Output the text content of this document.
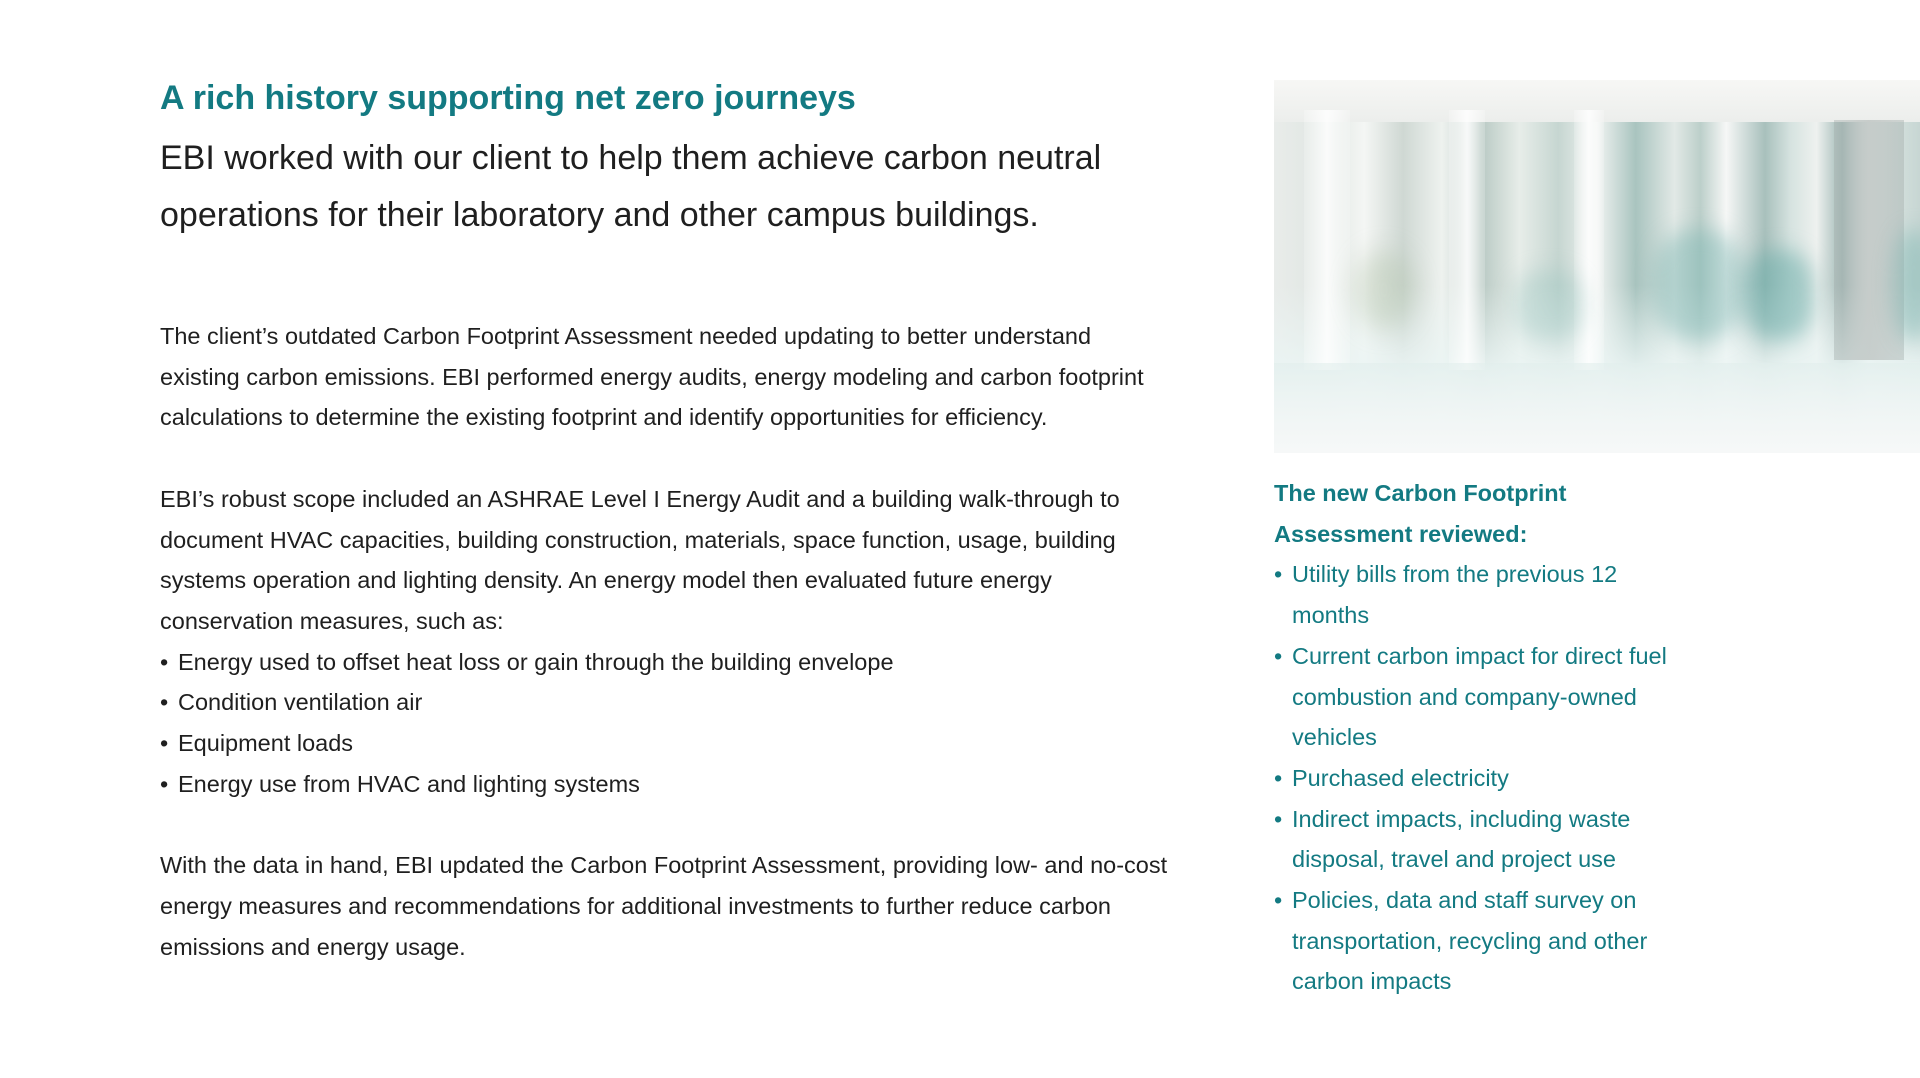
A rich history supporting net zero journeys

EBI worked with our client to help them achieve carbon neutral operations for their laboratory and other campus buildings.

The client’s outdated Carbon Footprint Assessment needed updating to better understand existing carbon emissions. EBI performed energy audits, energy modeling and carbon footprint calculations to determine the existing footprint and identify opportunities for efficiency.

EBI’s robust scope included an ASHRAE Level I Energy Audit and a building walk-through to document HVAC capacities, building construction, materials, space function, usage, building systems operation and lighting density. An energy model then evaluated future energy conservation measures, such as:

• Energy used to offset heat loss or gain through the building envelope
• Condition ventilation air
• Equipment loads
• Energy use from HVAC and lighting systems

With the data in hand, EBI updated the Carbon Footprint Assessment, providing low- and no-cost energy measures and recommendations for additional investments to further reduce carbon emissions and energy usage.

The new Carbon Footprint Assessment reviewed:

• Utility bills from the previous 12 months
• Current carbon impact for direct fuel combustion and company-owned vehicles
• Purchased electricity
• Indirect impacts, including waste disposal, travel and project use
• Policies, data and staff survey on transportation, recycling and other carbon impacts
